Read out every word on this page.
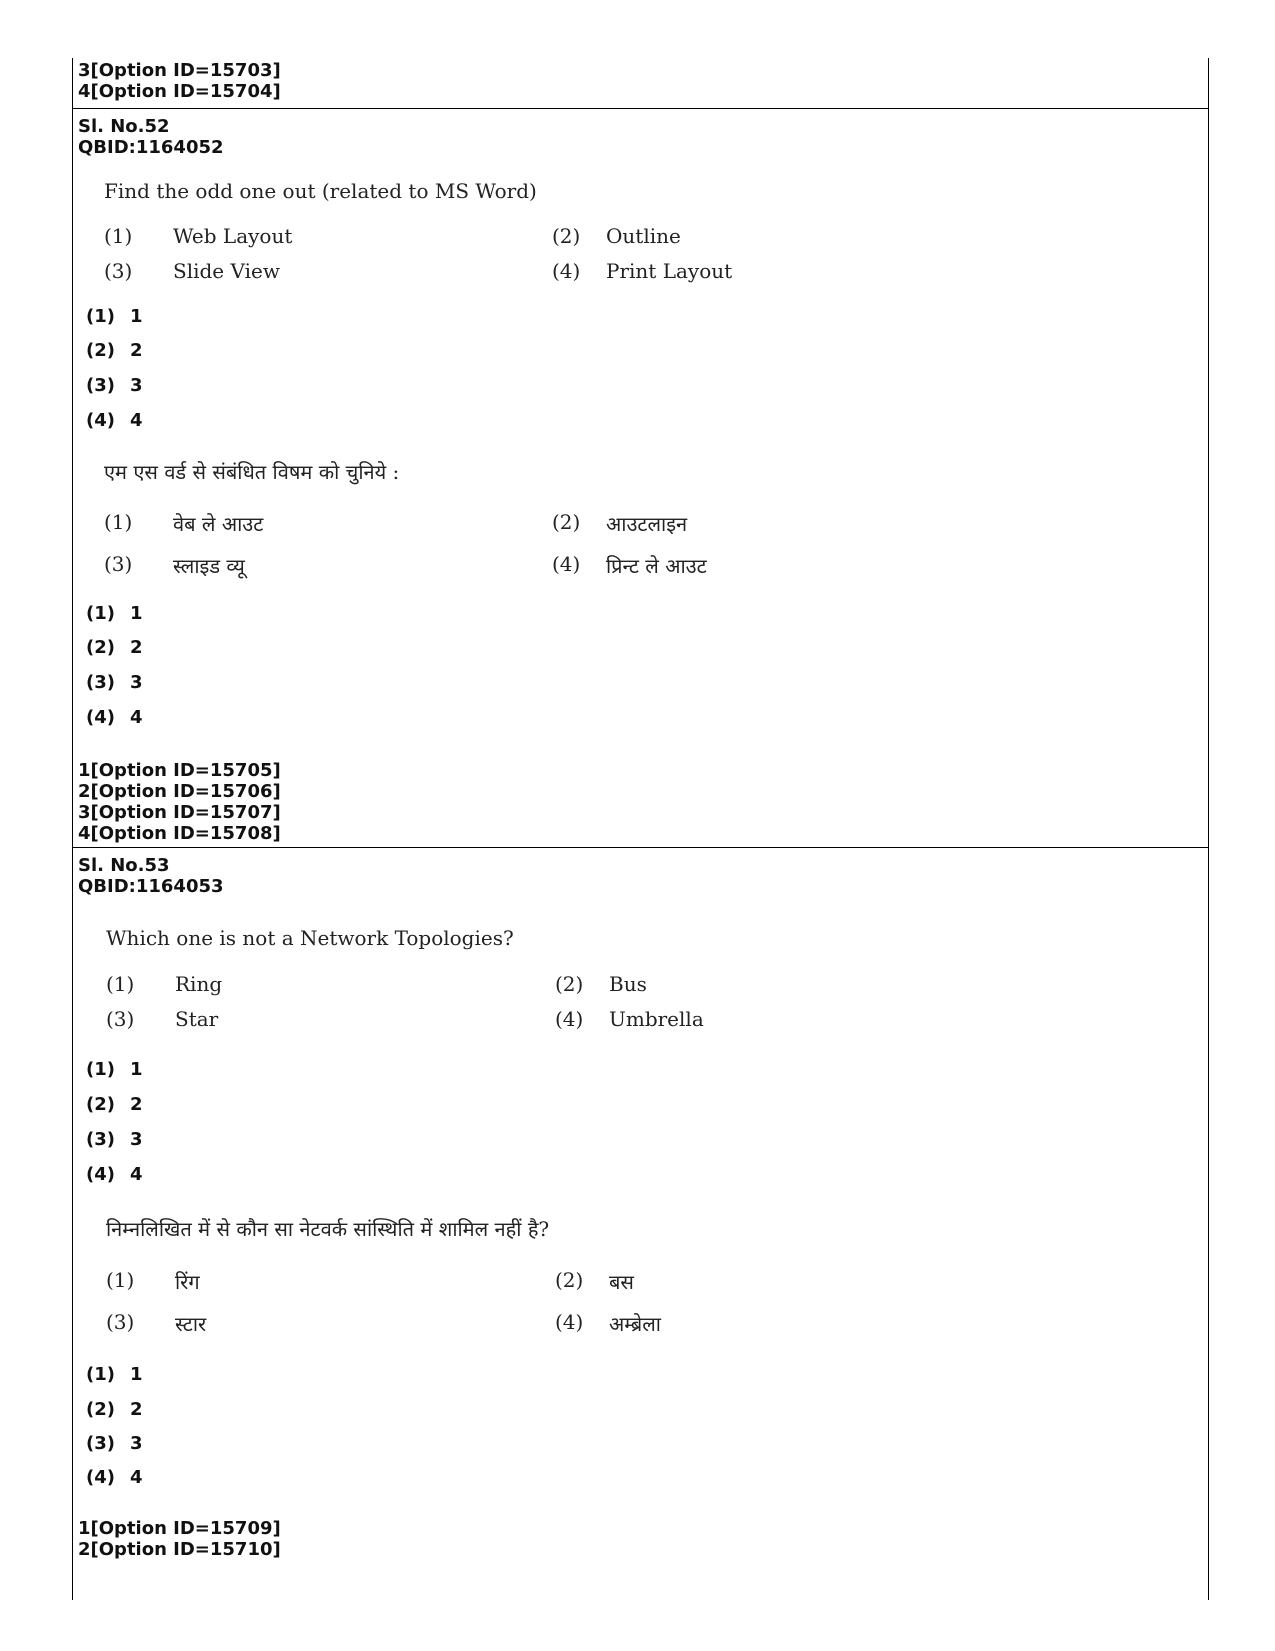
3[Option ID=15703]
4[Option ID=15704]
Sl. No.52
QBID:1164052
Find the odd one out (related to MS Word)
(1) Web Layout	(2) Outline
(3) Slide View	(4) Print Layout
(1) 1
(2) 2
(3) 3
(4) 4
एम एस वर्ड से संबंधित विषम को चुनिये :
(1) वेब ले आउट	(2) आउटलाइन
(3) स्लाइड व्यू	(4) प्रिन्ट ले आउट
(1) 1
(2) 2
(3) 3
(4) 4
1[Option ID=15705]
2[Option ID=15706]
3[Option ID=15707]
4[Option ID=15708]
Sl. No.53
QBID:1164053
Which one is not a Network Topologies?
(1) Ring	(2) Bus
(3) Star	(4) Umbrella
(1) 1
(2) 2
(3) 3
(4) 4
निम्नलिखित में से कौन सा नेटवर्क सांस्थिति में शामिल नहीं है?
(1) रिंग	(2) बस
(3) स्टार	(4) अम्ब्रेला
(1) 1
(2) 2
(3) 3
(4) 4
1[Option ID=15709]
2[Option ID=15710]
